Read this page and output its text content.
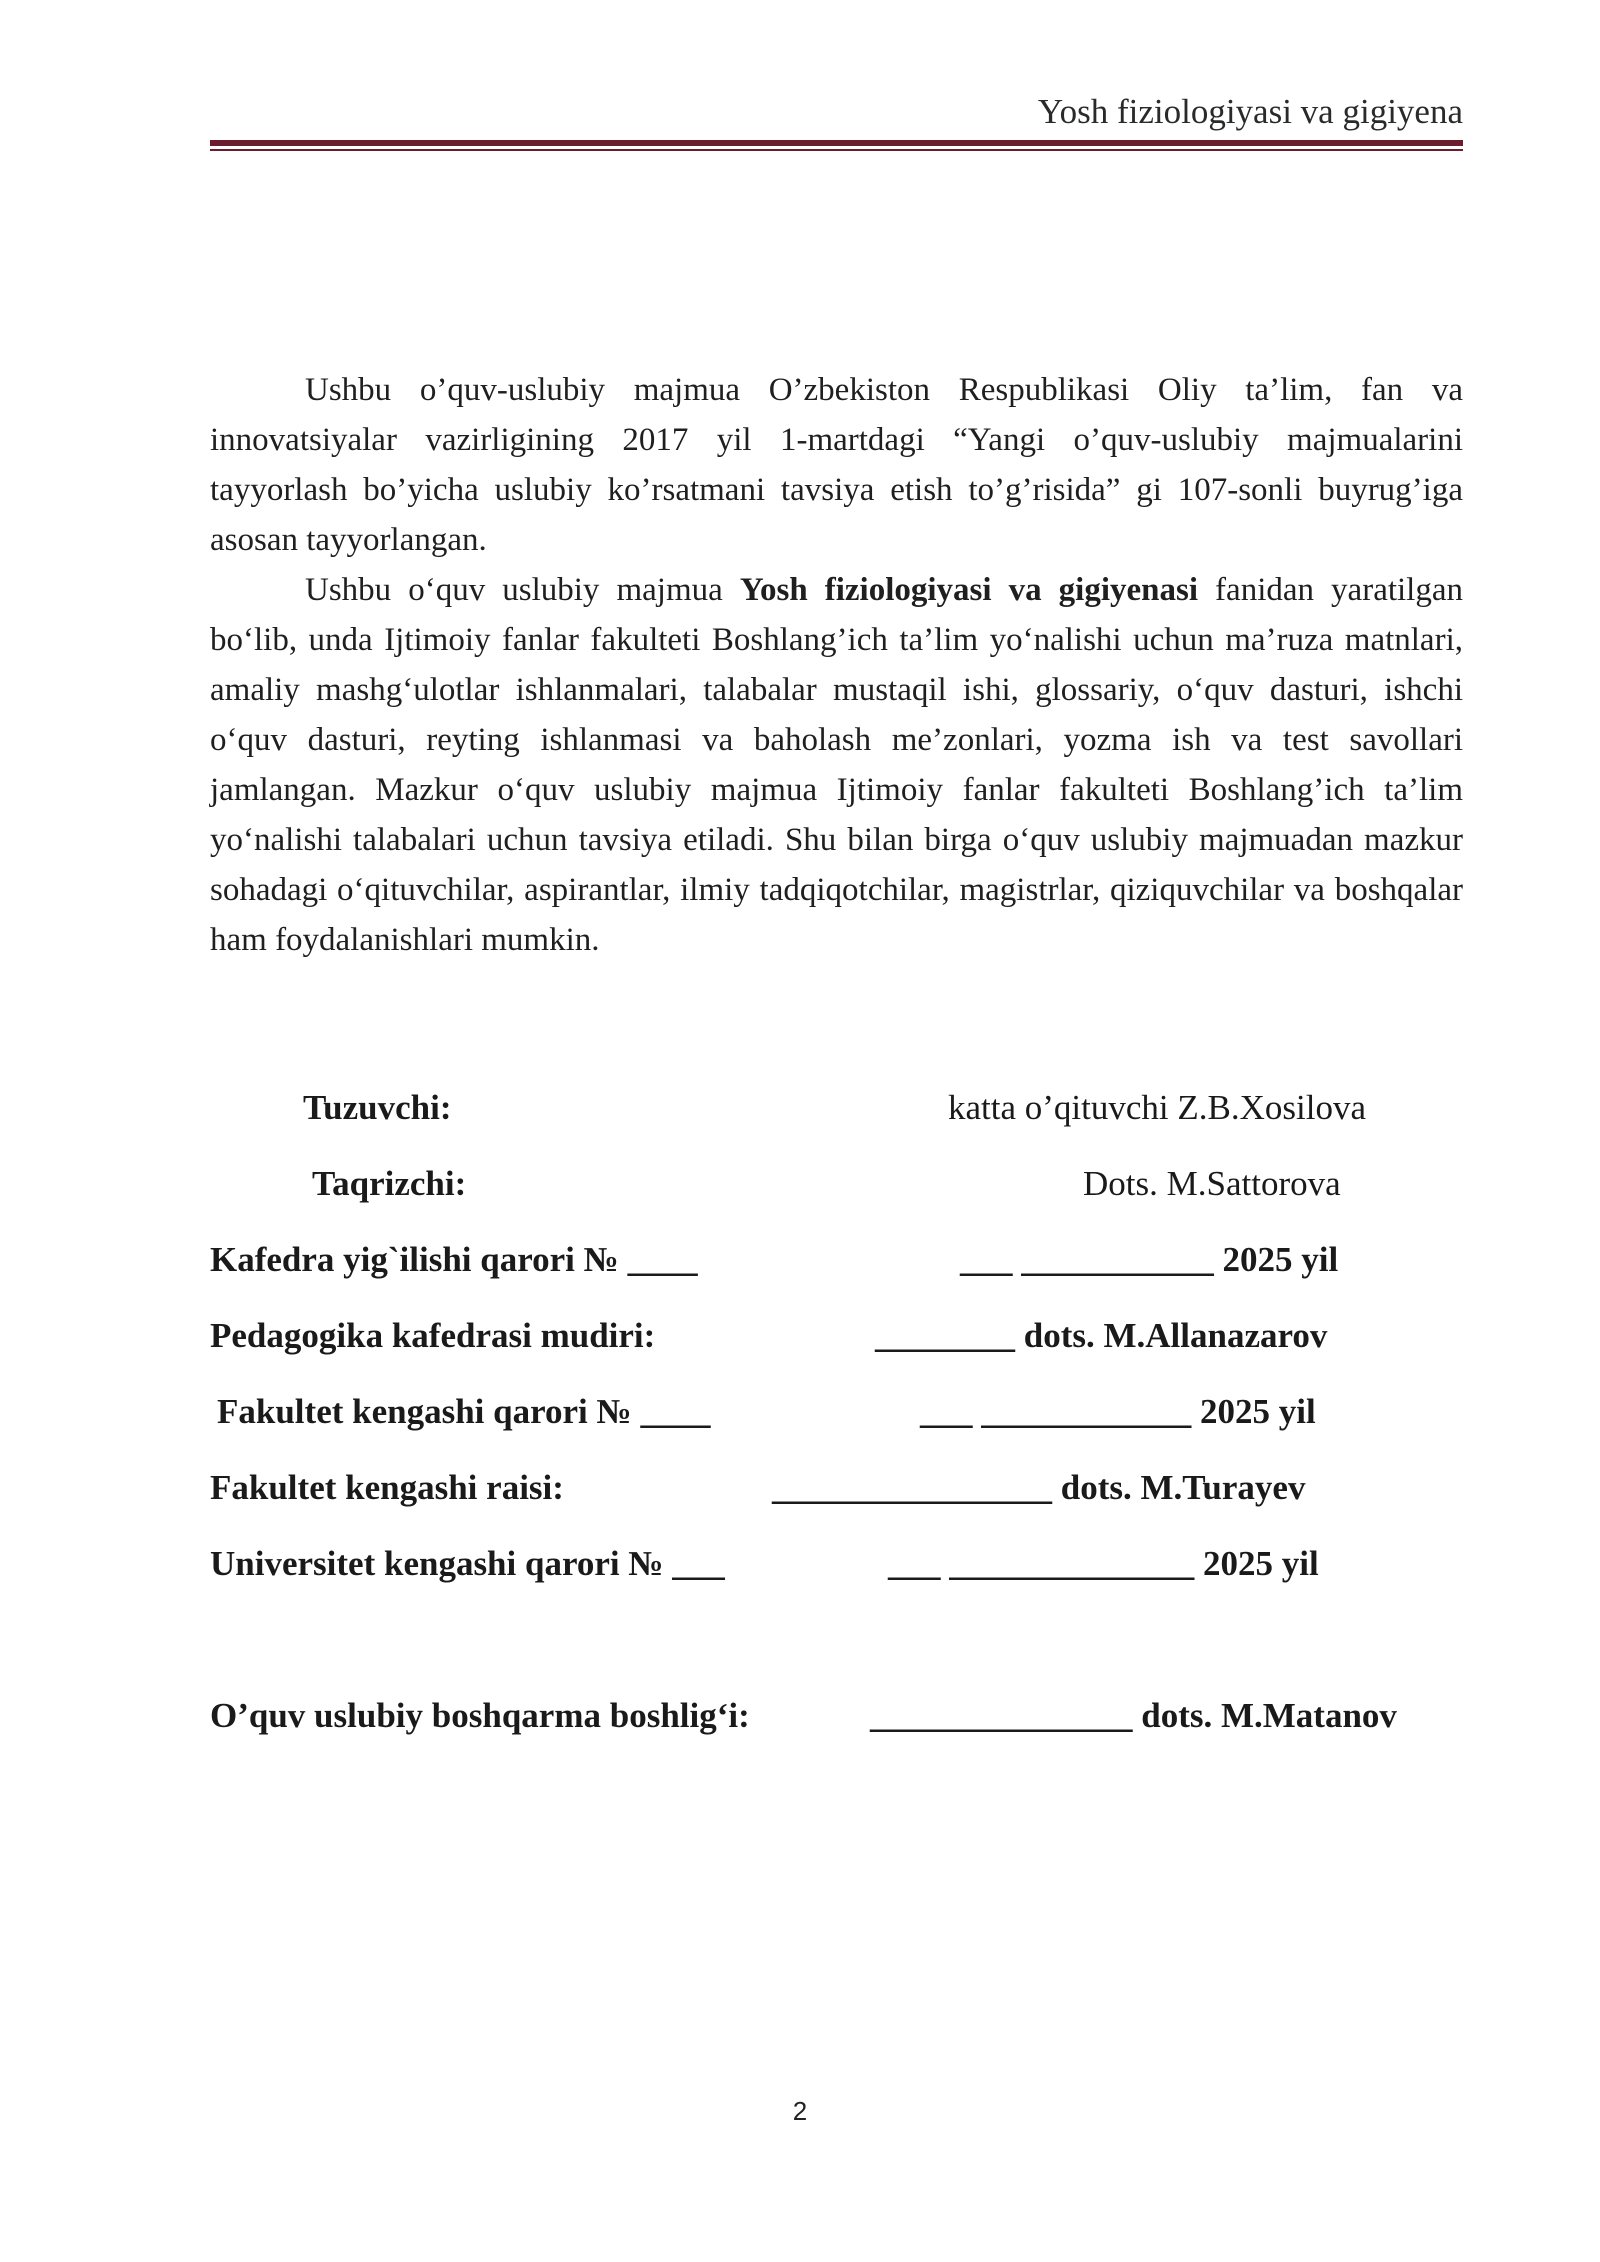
Yosh fiziologiyasi va gigiyena

Ushbu o’quv-uslubiy majmua O’zbekiston Respublikasi Oliy ta’lim, fan va innovatsiyalar vazirligining 2017 yil 1-martdagi “Yangi o’quv-uslubiy majmualarini tayyorlash bo’yicha uslubiy ko’rsatmani tavsiya etish to’g’risida” gi 107-sonli buyrug’iga asosan tayyorlangan.

Ushbu o‘quv uslubiy majmua Yosh fiziologiyasi va gigiyenasi fanidan yaratilgan bo‘lib, unda Ijtimoiy fanlar fakulteti Boshlang’ich ta’lim yo‘nalishi uchun ma’ruza matnlari, amaliy mashg‘ulotlar ishlanmalari, talabalar mustaqil ishi, glossariy, o‘quv dasturi, ishchi o‘quv dasturi, reyting ishlanmasi va baholash me’zonlari, yozma ish va test savollari jamlangan. Mazkur o‘quv uslubiy majmua Ijtimoiy fanlar fakulteti Boshlang’ich ta’lim yo‘nalishi talabalari uchun tavsiya etiladi. Shu bilan birga o‘quv uslubiy majmuadan mazkur sohadagi o‘qituvchilar, aspirantlar, ilmiy tadqiqotchilar, magistrlar, qiziquvchilar va boshqalar ham foydalanishlari mumkin.

Tuzuvchi:	katta o’qituvchi Z.B.Xosilova
Taqrizchi:	Dots. M.Sattorova
Kafedra yig`ilishi qarori № ____	___ ___________ 2025 yil
Pedagogika kafedrasi mudiri:	________ dots. M.Allanazarov
Fakultet kengashi qarori № ____	___ ____________ 2025 yil
Fakultet kengashi raisi:	________________ dots. M.Turayev
Universitet kengashi qarori № ___	___ ______________ 2025 yil
O’quv uslubiy boshqarma boshlig‘i:	_______________ dots. M.Matanov
2
